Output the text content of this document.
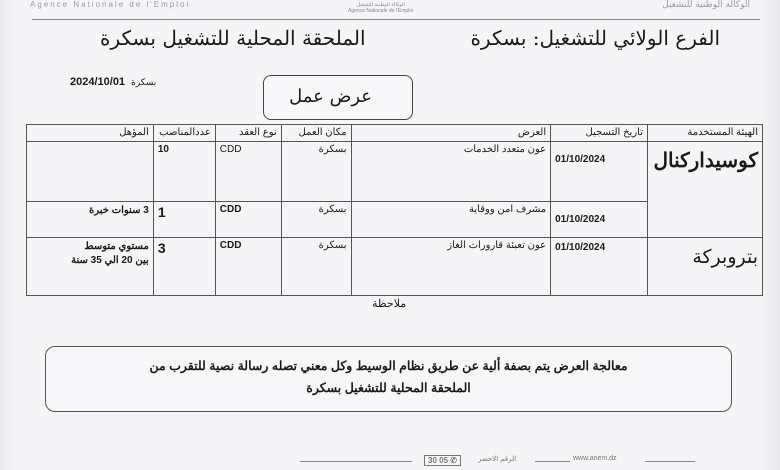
Agence Nationale de l'Emploi	الوكالة الوطنية للتشغيل
Agence Nationale de l'Emploi
الوكالة الوطنية للتشغيل
الفرع الولائي للتشغيل: بسكرة
الملحقة المحلية للتشغيل بسكرة
بسكرة 2024/10/01
عرض عمل
الهيئة المستخدمة	تاريخ التسجيل	العرض	مكان العمل	نوع العقد	عددالمناصب	المؤهل

كوسيداركنال	01/10/2024	عون متعدد الخدمات	بسكرة	CDD	10	
	01/10/2024	مشرف امن ووقاية	بسكرة	CDD	1	3 سنوات خبرة

بتروبركة	01/10/2024	عون تعبئة قارورات الغاز	بسكرة	CDD	3	مستوي متوسط
بين 20 الي 35 سنة
ملاحظة
معالجة العرض يتم بصفة ألية عن طريق نظام الوسيط وكل معني تصله رسالة نصية للتقرب من
الملحقة المحلية للتشغيل بسكرة
30 05 ✆	الرقم الاخضر	www.anem.dz
